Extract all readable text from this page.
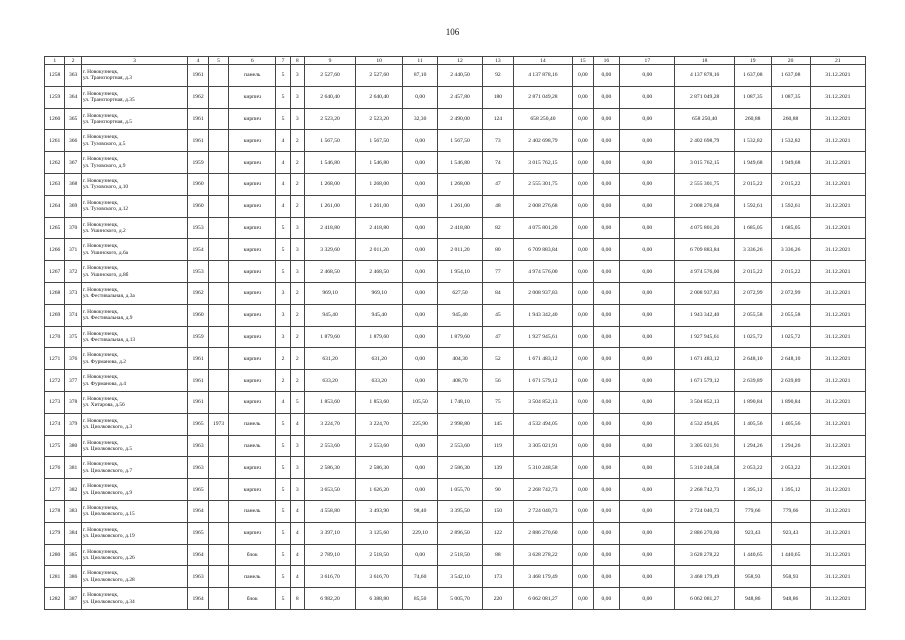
106
1	2	3	4	5	6	7	8	9	10	11	12	13	14	15	16	17	18	19	20	21
1258	363	г. Новокузнецк,
ул. Транспортная, д.3	1961		панель	5	3	2 527,60	2 527,60	87,10	2 440,50	92	4 137 878,16	0,00	0,00	0,00	4 137 878,16	1 637,08	1 637,08	31.12.2021
1259	364	г. Новокузнецк,
ул. Транспортная, д.35	1962		кирпич	5	3	2 640,40	2 640,40	0,00	2 457,80	180	2 871 049,28	0,00	0,00	0,00	2 871 049,28	1 087,35	1 087,35	31.12.2021
1260	365	г. Новокузнецк,
ул. Транспортная, д.5	1961		кирпич	5	3	2 523,20	2 523,20	32,30	2 490,00	124	658 250,40	0,00	0,00	0,00	658 250,40	260,88	260,88	31.12.2021
1261	366	г. Новокузнецк,
ул. Тузовского, д.5	1961		кирпич	4	2	1 567,50	1 567,50	0,00	1 567,50	73	2 402 698,79	0,00	0,00	0,00	2 402 698,79	1 532,82	1 532,82	31.12.2021
1262	367	г. Новокузнецк,
ул. Тузовского, д.9	1959		кирпич	4	2	1 546,80	1 546,80	0,00	1 546,80	74	3 015 762,15	0,00	0,00	0,00	3 015 762,15	1 949,68	1 949,68	31.12.2021
1263	368	г. Новокузнецк,
ул. Тузовского, д.10	1960		кирпич	4	2	1 268,00	1 268,00	0,00	1 268,00	47	2 555 301,75	0,00	0,00	0,00	2 555 301,75	2 015,22	2 015,22	31.12.2021
1264	369	г. Новокузнецк,
ул. Тузовского, д.12	1960		кирпич	4	2	1 261,00	1 261,00	0,00	1 261,00	48	2 008 276,68	0,00	0,00	0,00	2 008 276,68	1 592,61	1 592,61	31.12.2021
1265	370	г. Новокузнецк,
ул. Ушинского, д.2	1953		кирпич	5	3	2 418,80	2 418,80	0,00	2 418,80	82	4 075 801,20	0,00	0,00	0,00	4 075 801,20	1 685,05	1 685,05	31.12.2021
1266	371	г. Новокузнецк,
ул. Ушинского, д.6а	1954		кирпич	5	3	3 329,60	2 011,20	0,00	2 011,20	80	6 709 883,84	0,00	0,00	0,00	6 709 883,84	3 336,26	3 336,26	31.12.2021
1267	372	г. Новокузнецк,
ул. Ушинского, д.8б	1953		кирпич	5	3	2 468,50	2 468,50	0,00	1 954,10	77	4 974 576,00	0,00	0,00	0,00	4 974 576,00	2 015,22	2 015,22	31.12.2021
1268	373	г. Новокузнецк,
ул. Фестивальная, д.3а	1962		кирпич	3	2	969,10	969,10	0,00	627,50	84	2 008 937,83	0,00	0,00	0,00	2 008 937,83	2 072,99	2 072,99	31.12.2021
1269	374	г. Новокузнецк,
ул. Фестивальная, д.9	1960		кирпич	3	2	945,40	945,40	0,00	945,40	45	1 943 342,40	0,00	0,00	0,00	1 943 342,40	2 055,58	2 055,58	31.12.2021
1270	375	г. Новокузнецк,
ул. Фестивальная, д.13	1959		кирпич	3	2	1 879,60	1 879,60	0,00	1 879,60	47	1 927 945,61	0,00	0,00	0,00	1 927 945,61	1 025,72	1 025,72	31.12.2021
1271	376	г. Новокузнецк,
ул. Фурманова, д.2	1961		кирпич	2	2	631,20	631,20	0,00	404,30	52	1 671 483,12	0,00	0,00	0,00	1 671 483,12	2 648,10	2 648,10	31.12.2021
1272	377	г. Новокузнецк,
ул. Фурманова, д.4	1961		кирпич	2	2	633,20	633,20	0,00	408,70	56	1 671 579,12	0,00	0,00	0,00	1 671 579,12	2 639,89	2 639,89	31.12.2021
1273	378	г. Новокузнецк,
ул. Хитарова, д.56	1961		кирпич	4	5	1 853,60	1 853,60	105,50	1 748,10	75	3 504 852,13	0,00	0,00	0,00	3 504 852,13	1 890,84	1 890,84	31.12.2021
1274	379	г. Новокузнецк,
ул. Циолковского, д.3	1965	1973	панель	5	4	3 224,70	3 224,70	225,90	2 998,80	145	4 532 494,05	0,00	0,00	0,00	4 532 494,05	1 405,56	1 405,56	31.12.2021
1275	380	г. Новокузнецк,
ул. Циолковского, д.5	1963		панель	5	3	2 553,60	2 553,60	0,00	2 553,60	119	3 305 021,91	0,00	0,00	0,00	3 305 021,91	1 294,26	1 294,26	31.12.2021
1276	381	г. Новокузнецк,
ул. Циолковского, д.7	1963		кирпич	5	3	2 586,30	2 586,30	0,00	2 586,30	139	5 310 248,58	0,00	0,00	0,00	5 310 248,58	2 053,22	2 053,22	31.12.2021
1277	382	г. Новокузнецк,
ул. Циолковского, д.9	1965		кирпич	5	3	3 653,50	1 626,20	0,00	1 055,70	90	2 268 742,73	0,00	0,00	0,00	2 268 742,73	1 395,12	1 395,12	31.12.2021
1278	383	г. Новокузнецк,
ул. Циолковского, д.15	1964		панель	5	4	4 558,80	3 493,90	98,40	3 395,50	150	2 724 040,73	0,00	0,00	0,00	2 724 040,73	779,66	779,66	31.12.2021
1279	384	г. Новокузнецк,
ул. Циолковского, д.19	1965		кирпич	5	4	3 397,10	3 125,60	229,10	2 896,50	122	2 886 270,60	0,00	0,00	0,00	2 886 270,60	923,43	923,43	31.12.2021
1280	385	г. Новокузнецк,
ул. Циолковского, д.26	1964		блок	5	4	2 789,10	2 518,50	0,00	2 518,50	88	3 628 278,22	0,00	0,00	0,00	3 628 278,22	1 440,65	1 440,65	31.12.2021
1281	386	г. Новокузнецк,
ул. Циолковского, д.28	1963		панель	5	4	3 616,70	3 616,70	74,60	3 542,10	173	3 468 179,49	0,00	0,00	0,00	3 468 179,49	958,93	958,93	31.12.2021
1282	387	г. Новокузнецк,
ул. Циолковского, д.34	1964		блок	5	8	6 982,20	6 388,80	85,50	5 005,70	220	6 062 081,27	0,00	0,00	0,00	6 062 081,27	948,86	948,86	31.12.2021
